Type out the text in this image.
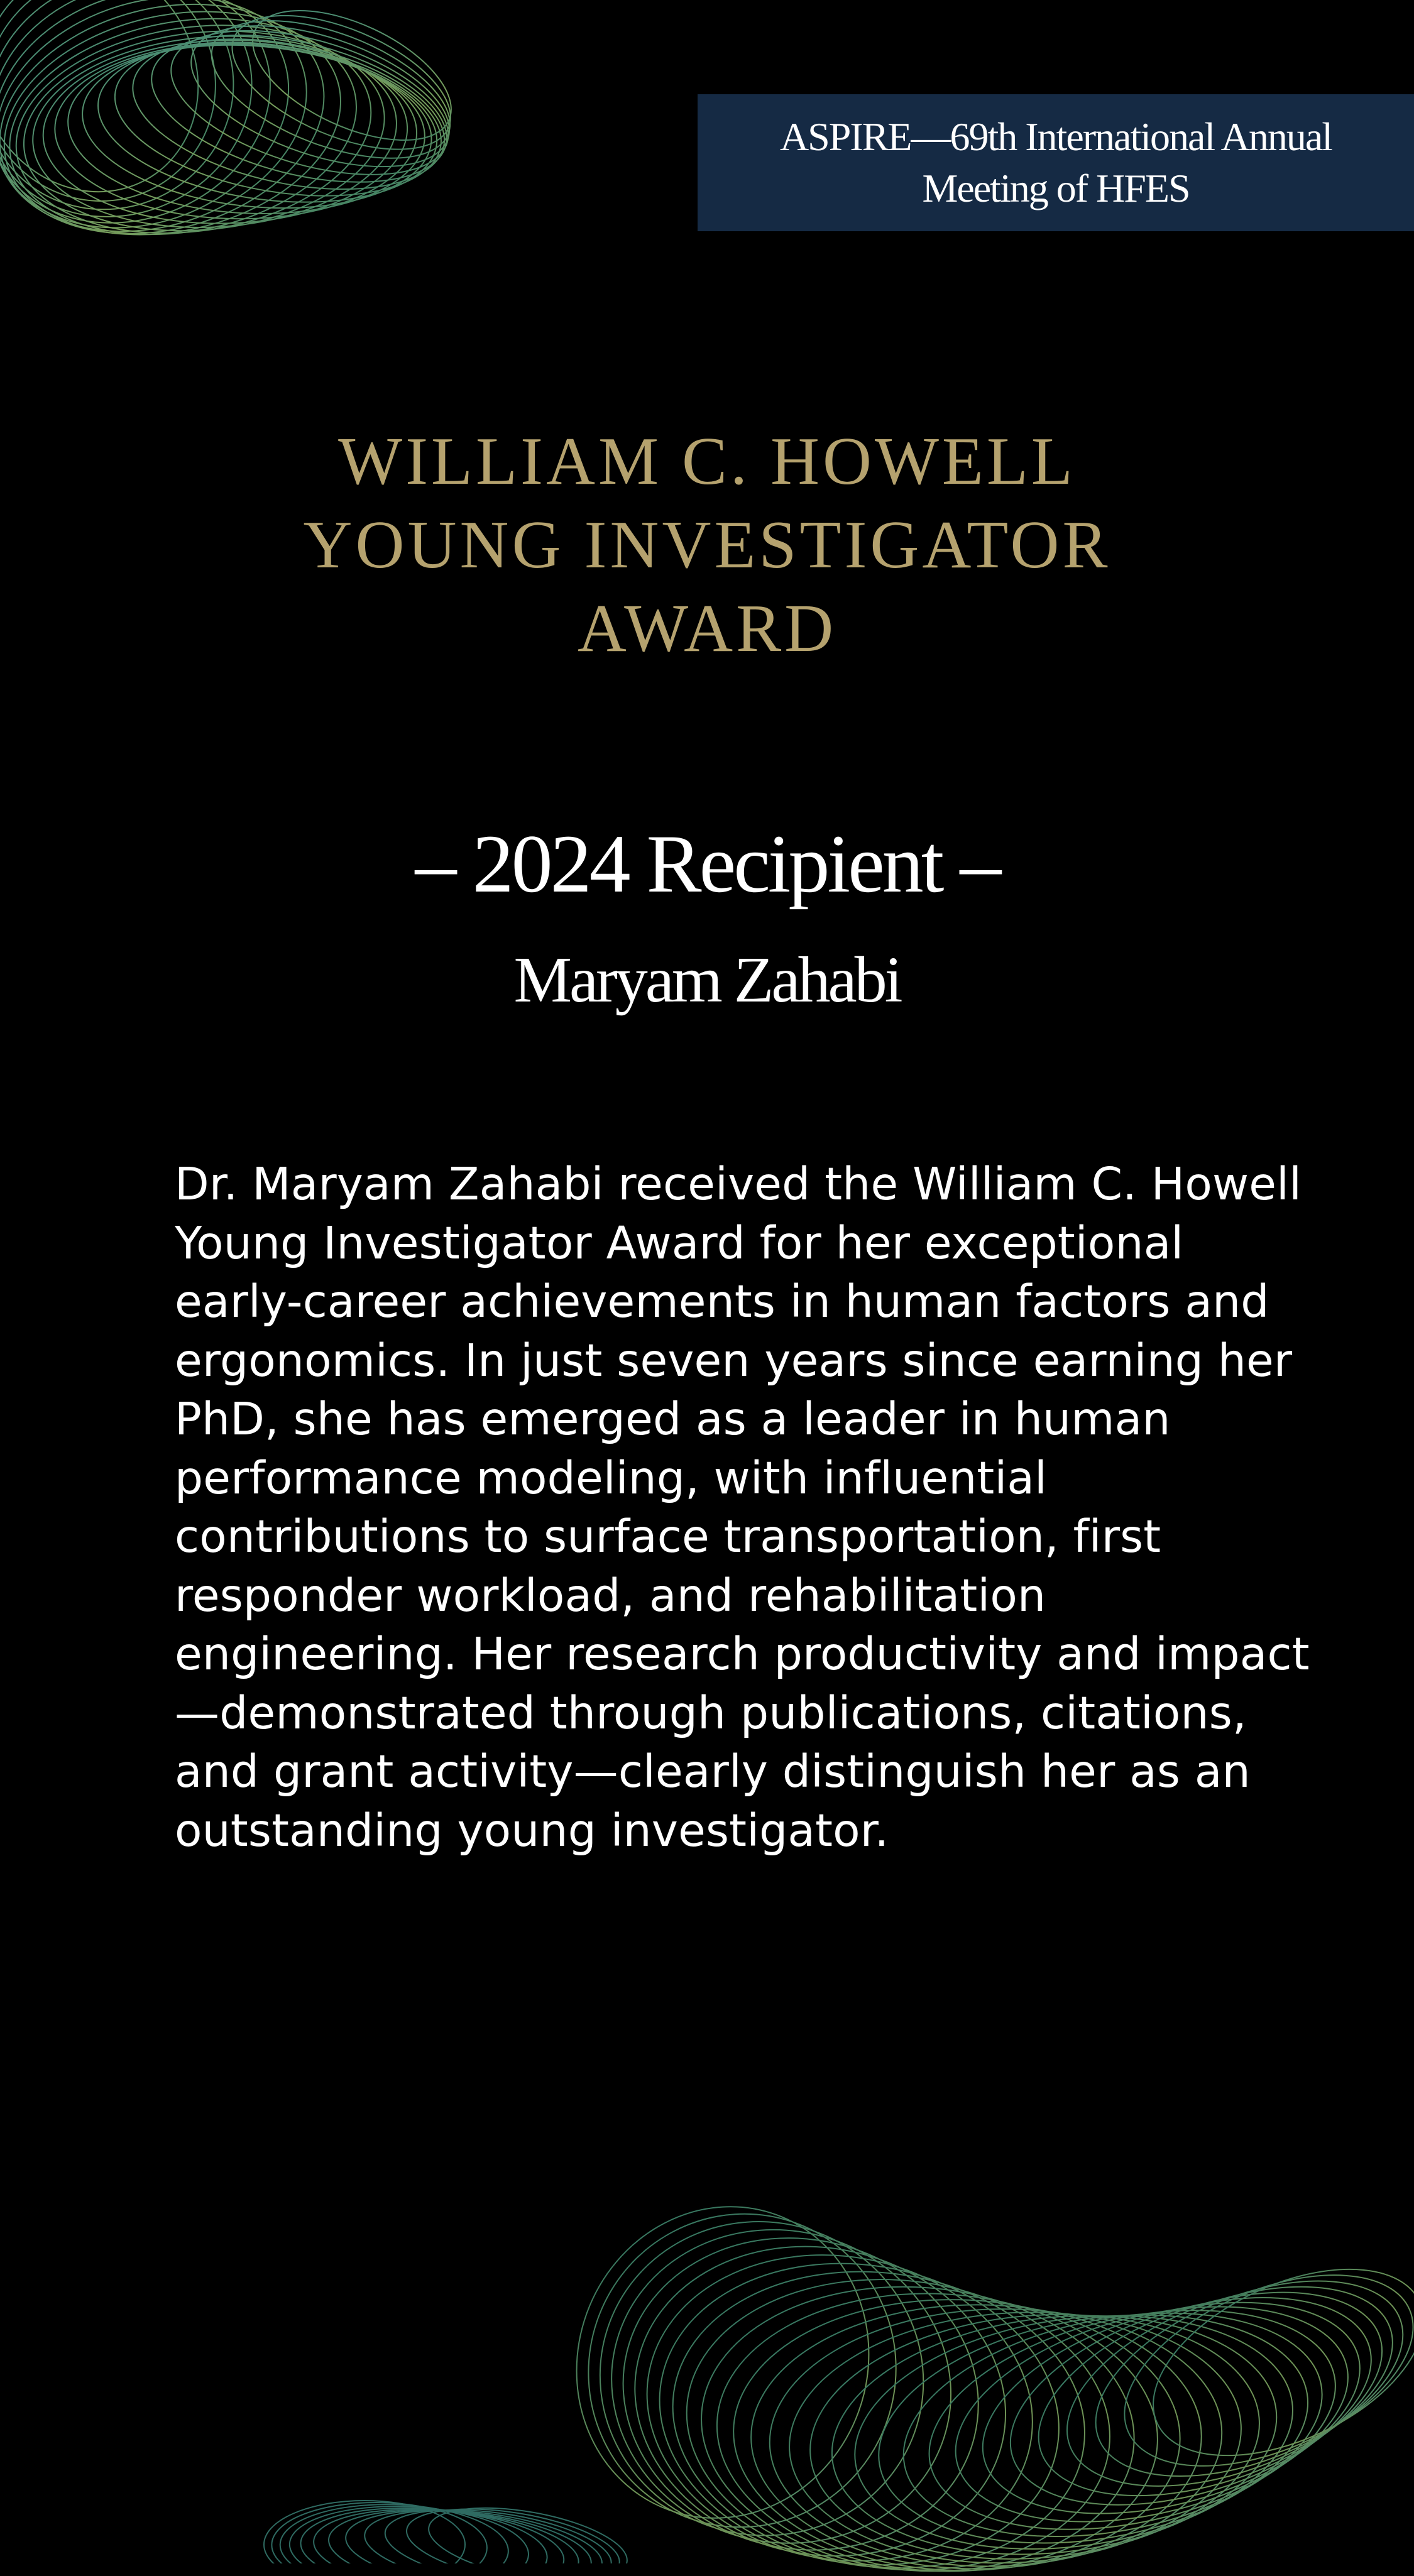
ASPIRE—69th International Annual Meeting of HFES
WILLIAM C. HOWELL
YOUNG INVESTIGATOR
AWARD
– 2024 Recipient –
Maryam Zahabi
Dr. Maryam Zahabi received the William C. Howell Young Investigator Award for her exceptional early-career achievements in human factors and ergonomics. In just seven years since earning her PhD, she has emerged as a leader in human performance modeling, with influential contributions to surface transportation, first responder workload, and rehabilitation engineering. Her research productivity and impact—demonstrated through publications, citations, and grant activity—clearly distinguish her as an outstanding young investigator.
